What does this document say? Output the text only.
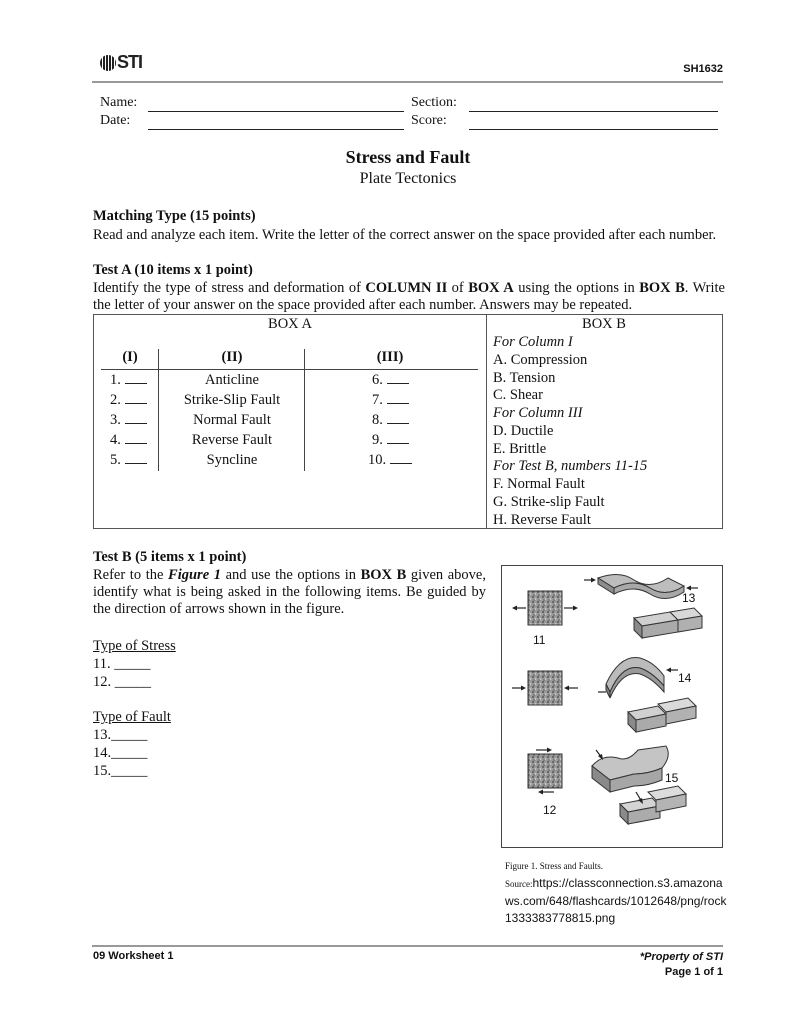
STI	SH1632
Name:	Section:
Date:	Score:
Stress and Fault
Plate Tectonics
Matching Type (15 points)
Read and analyze each item. Write the letter of the correct answer on the space provided after each number.
Test A (10 items x 1 point)
Identify the type of stress and deformation of COLUMN II of BOX A using the options in BOX B. Write the letter of your answer on the space provided after each number. Answers may be repeated.
BOX A
(I)	(II)	(III)
1.	Anticline	6.
2.	Strike-Slip Fault	7.
3.	Normal Fault	8.
4.	Reverse Fault	9.
5.	Syncline	10.
BOX B
For Column I
A. Compression
B. Tension
C. Shear
For Column III
D. Ductile
E. Brittle
For Test B, numbers 11-15
F. Normal Fault
G. Strike-slip Fault
H. Reverse Fault
Test B (5 items x 1 point)
Refer to the Figure 1 and use the options in BOX B given above, identify what is being asked in the following items. Be guided by the direction of arrows shown in the figure.
Type of Stress
11. _____
12. _____
Type of Fault
13._____
14._____
15._____
13
11
14
15
12
Figure 1. Stress and Faults.
Source:https://classconnection.s3.amazonaws.com/648/flashcards/1012648/png/rock1333383778815.png
09 Worksheet 1	*Property of STI
Page 1 of 1
